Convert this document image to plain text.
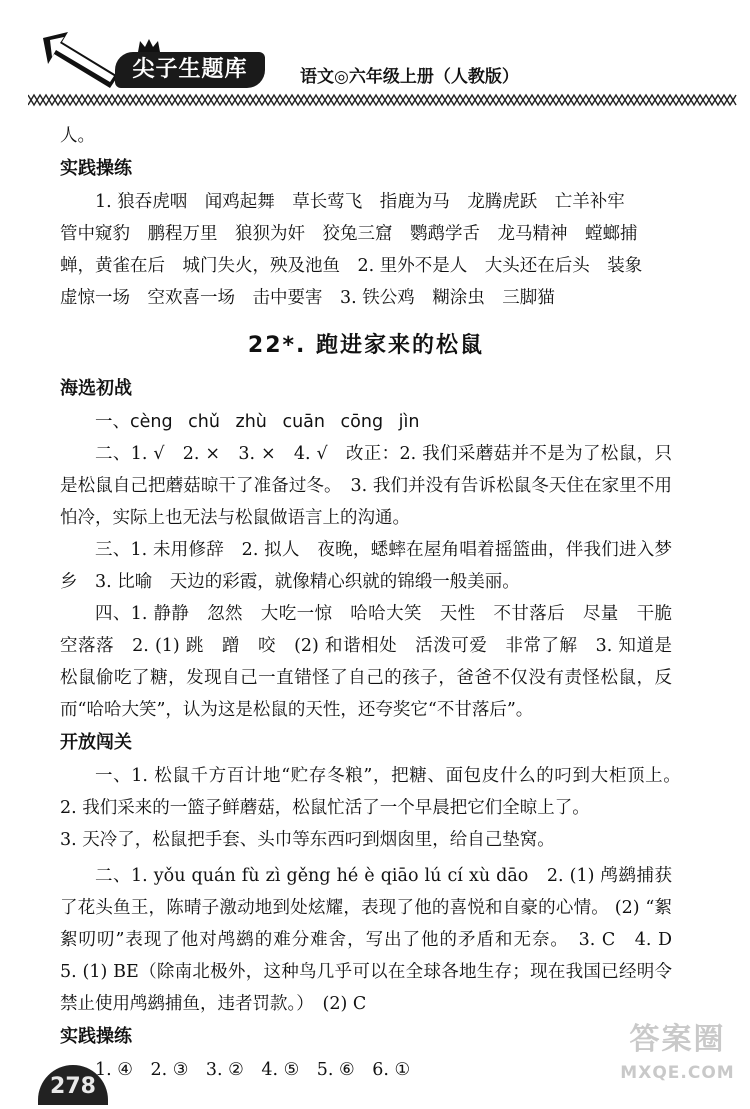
尖子生题库	语文◎六年级上册（人教版）

人。

实践操练

1. 狼吞虎咽　闻鸡起舞　草长莺飞　指鹿为马　龙腾虎跃　亡羊补牢

管中窥豹　鹏程万里　狼狈为奸　狡兔三窟　鹦鹉学舌　龙马精神　螳螂捕

蝉，黄雀在后　城门失火，殃及池鱼　2. 里外不是人　大头还在后头　装象

虚惊一场　空欢喜一场　击中要害　3. 铁公鸡　糊涂虫　三脚猫

22*. 跑进家来的松鼠

海选初战

一、cèng chǔ zhù cuān cōng jìn

二、1. √　2. ×　3. ×　4. √　改正：2. 我们采蘑菇并不是为了松鼠，只是松鼠自己把蘑菇晾干了准备过冬。　3. 我们并没有告诉松鼠冬天住在家里不用怕冷，实际上也无法与松鼠做语言上的沟通。

三、1. 未用修辞　2. 拟人　夜晚，蟋蟀在屋角唱着摇篮曲，伴我们进入梦乡　3. 比喻　天边的彩霞，就像精心织就的锦缎一般美丽。

四、1. 静静　忽然　大吃一惊　哈哈大笑　天性　不甘落后　尽量　干脆　空落落　2. (1) 跳　蹭　咬　(2) 和谐相处　活泼可爱　非常了解　3. 知道是松鼠偷吃了糖，发现自己一直错怪了自己的孩子，爸爸不仅没有责怪松鼠，反而“哈哈大笑”，认为这是松鼠的天性，还夸奖它“不甘落后”。

开放闯关

一、1. 松鼠千方百计地“贮存冬粮”，把糖、面包皮什么的叼到大柜顶上。　2. 我们采来的一篮子鲜蘑菇，松鼠忙活了一个早晨把它们全晾上了。

3. 天冷了，松鼠把手套、头巾等东西叼到烟囱里，给自己垫窝。

二、1. yǒu quán fù zì gěng hé è qiāo lú cí xù dāo　2. (1) 鸬鹚捕获了花头鱼王，陈晴子激动地到处炫耀，表现了他的喜悦和自豪的心情。 (2) “絮絮叨叨”表现了他对鸬鹚的难分难舍，写出了他的矛盾和无奈。　3. C　4. D　5. (1) BE（除南北极外，这种鸟几乎可以在全球各地生存；现在我国已经明令禁止使用鸬鹚捕鱼，违者罚款。）　(2) C

实践操练

1. ④　2. ③　3. ②　4. ⑤　5. ⑥　6. ①

278
答案圈
MXQE.COM
